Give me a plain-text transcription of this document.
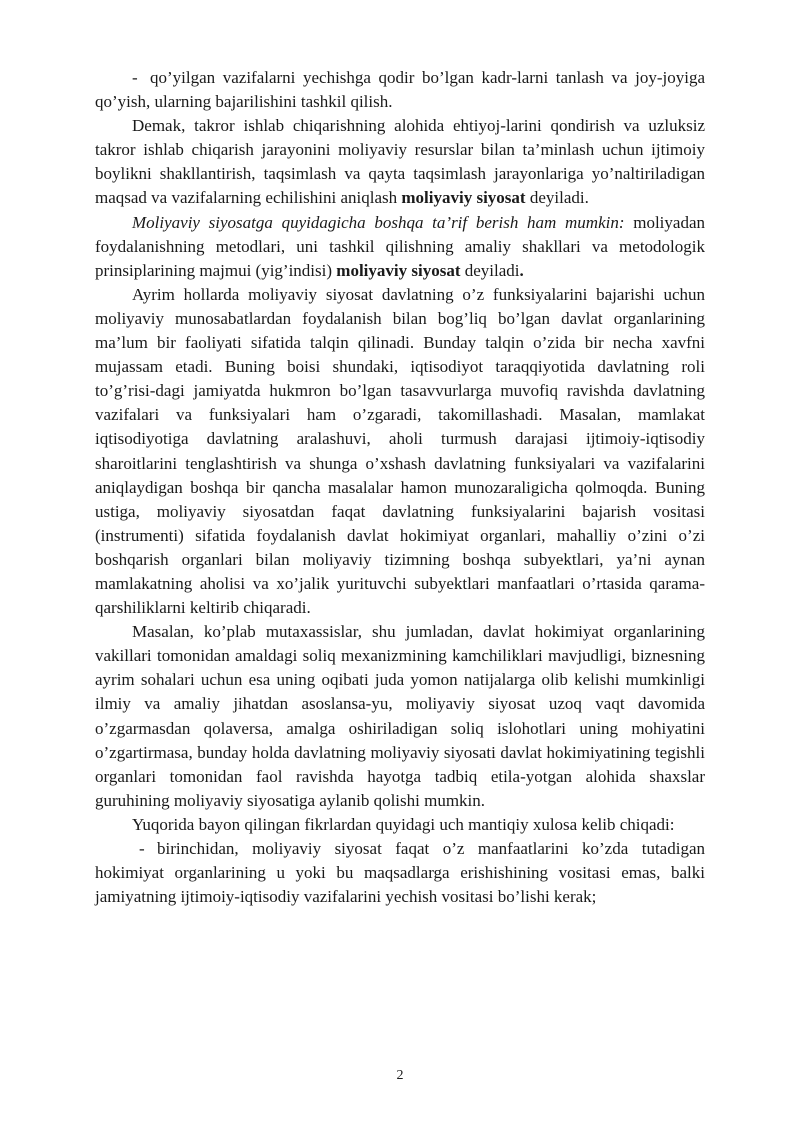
- qo’yilgan vazifalarni yechishga qodir bo’lgan kadr-larni tanlash va joy-joyiga qo’yish, ularning bajarilishini tashkil qilish.

Demak, takror ishlab chiqarishning alohida ehtiyoj-larini qondirish va uzluksiz takror ishlab chiqarish jarayonini moliyaviy resurslar bilan ta’minlash uchun ijtimoiy boylikni shakllantirish, taqsimlash va qayta taqsimlash jarayonlariga yo’naltiriladigan maqsad va vazifalarning echilishini aniqlash moliyaviy siyosat deyiladi.

Moliyaviy siyosatga quyidagicha boshqa ta’rif berish ham mumkin: moliyadan foydalanishning metodlari, uni tashkil qilishning amaliy shakllari va metodologik prinsiplarining majmui (yig’indisi) moliyaviy siyosat deyiladi.

Ayrim hollarda moliyaviy siyosat davlatning o’z funksiyalarini bajarishi uchun moliyaviy munosabatlardan foydalanish bilan bog’liq bo’lgan davlat organlarining ma’lum bir faoliyati sifatida talqin qilinadi. Bunday talqin o’zida bir necha xavfni mujassam etadi. Buning boisi shundaki, iqtisodiyot taraqqiyotida davlatning roli to’g’risi-dagi jamiyatda hukmron bo’lgan tasavvurlarga muvofiq ravishda davlatning vazifalari va funksiyalari ham o’zgaradi, takomillashadi. Masalan, mamlakat iqtisodiyotiga davlatning aralashuvi, aholi turmush darajasi ijtimoiy-iqtisodiy sharoitlarini tenglashtirish va shunga o’xshash davlatning funksiyalari va vazifalarini aniqlaydigan boshqa bir qancha masalalar hamon munozaraligicha qolmoqda. Buning ustiga, moliyaviy siyosatdan faqat davlatning funksiyalarini bajarish vositasi (instrumenti) sifatida foydalanish davlat hokimiyat organlari, mahalliy o’zini o’zi boshqarish organlari bilan moliyaviy tizimning boshqa subyektlari, ya’ni aynan mamlakatning aholisi va xo’jalik yurituvchi subyektlari manfaatlari o’rtasida qarama-qarshiliklarni keltirib chiqaradi.

Masalan, ko’plab mutaxassislar, shu jumladan, davlat hokimiyat organlarining vakillari tomonidan amaldagi soliq mexanizmining kamchiliklari mavjudligi, biznesning ayrim sohalari uchun esa uning oqibati juda yomon natijalarga olib kelishi mumkinligi ilmiy va amaliy jihatdan asoslansa-yu, moliyaviy siyosat uzoq vaqt davomida o’zgarmasdan qolaversa, amalga oshiriladigan soliq islohotlari uning mohiyatini o’zgartirmasa, bunday holda davlatning moliyaviy siyosati davlat hokimiyatining tegishli organlari tomonidan faol ravishda hayotga tadbiq etila-yotgan alohida shaxslar guruhining moliyaviy siyosatiga aylanib qolishi mumkin.

Yuqorida bayon qilingan fikrlardan quyidagi uch mantiqiy xulosa kelib chiqadi:

- birinchidan, moliyaviy siyosat faqat o’z manfaatlarini ko’zda tutadigan hokimiyat organlarining u yoki bu maqsadlarga erishishining vositasi emas, balki jamiyatning ijtimoiy-iqtisodiy vazifalarini yechish vositasi bo’lishi kerak;

2
